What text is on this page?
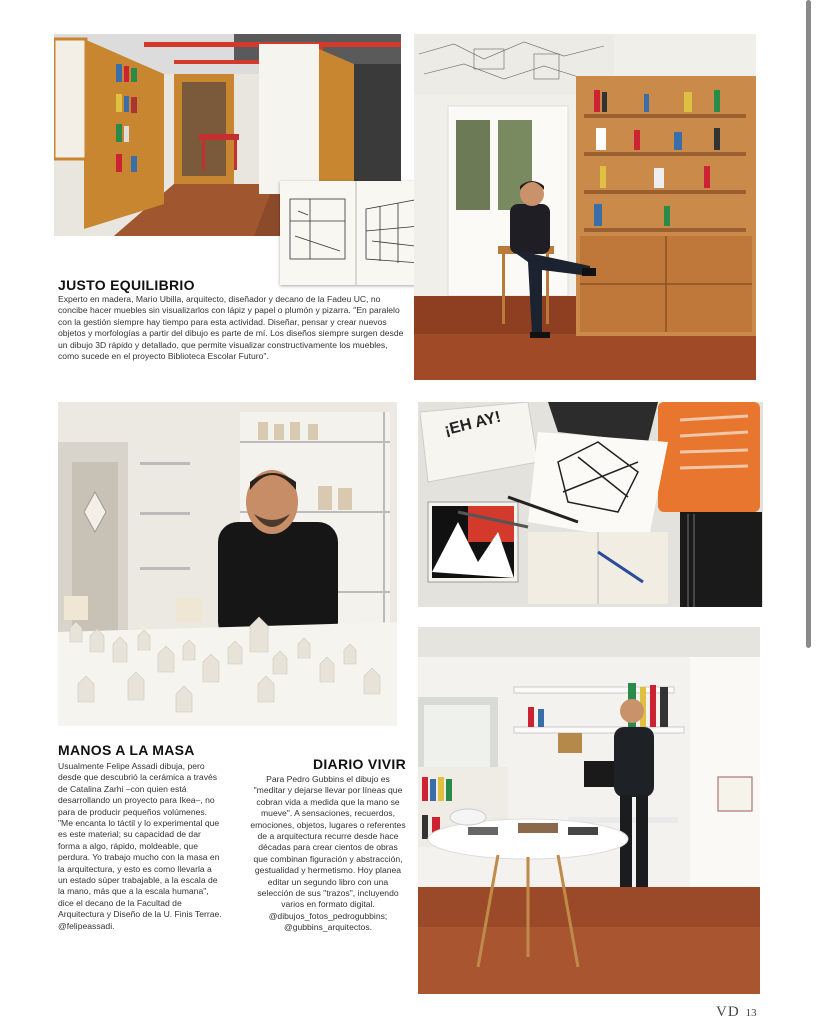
JUSTO EQUILIBRIO

Experto en madera, Mario Ubilla, arquitecto, diseñador y decano de la Fadeu UC, no concibe hacer muebles sin visualizarlos con lápiz y papel o plumón y pizarra. "En paralelo con la gestión siempre hay tiempo para esta actividad. Diseñar, pensar y crear nuevos objetos y morfologías a partir del dibujo es parte de mí. Los diseños siempre surgen desde un dibujo 3D rápido y detallado, que permite visualizar constructivamente los muebles, como sucede en el proyecto Biblioteca Escolar Futuro".

¡EH AY!
MANOS A LA MASA

Usualmente Felipe Assadi dibuja, pero desde que descubrió la cerámica a través de Catalina Zarhi –con quien está desarrollando un proyecto para Ikea–, no para de producir pequeños volúmenes. "Me encanta lo táctil y lo experimental que es este material; su capacidad de dar forma a algo, rápido, moldeable, que perdura. Yo trabajo mucho con la masa en la arquitectura, y esto es como llevarla a un estado súper trabajable, a la escala de la mano, más que a la escala humana", dice el decano de la Facultad de Arquitectura y Diseño de la U. Finis Terrae. @felipeassadi.

DIARIO VIVIR

Para Pedro Gubbins el dibujo es "meditar y dejarse llevar por líneas que cobran vida a medida que la mano se mueve". A sensaciones, recuerdos, emociones, objetos, lugares o referentes de a arquitectura recurre desde hace décadas para crear cientos de obras que combinan figuración y abstracción, gestualidad y hermetismo. Hoy planea editar un segundo libro con una selección de sus "trazos", incluyendo varios en formato digital. @dibujos_fotos_pedrogubbins; @gubbins_arquitectos.

VD 13
